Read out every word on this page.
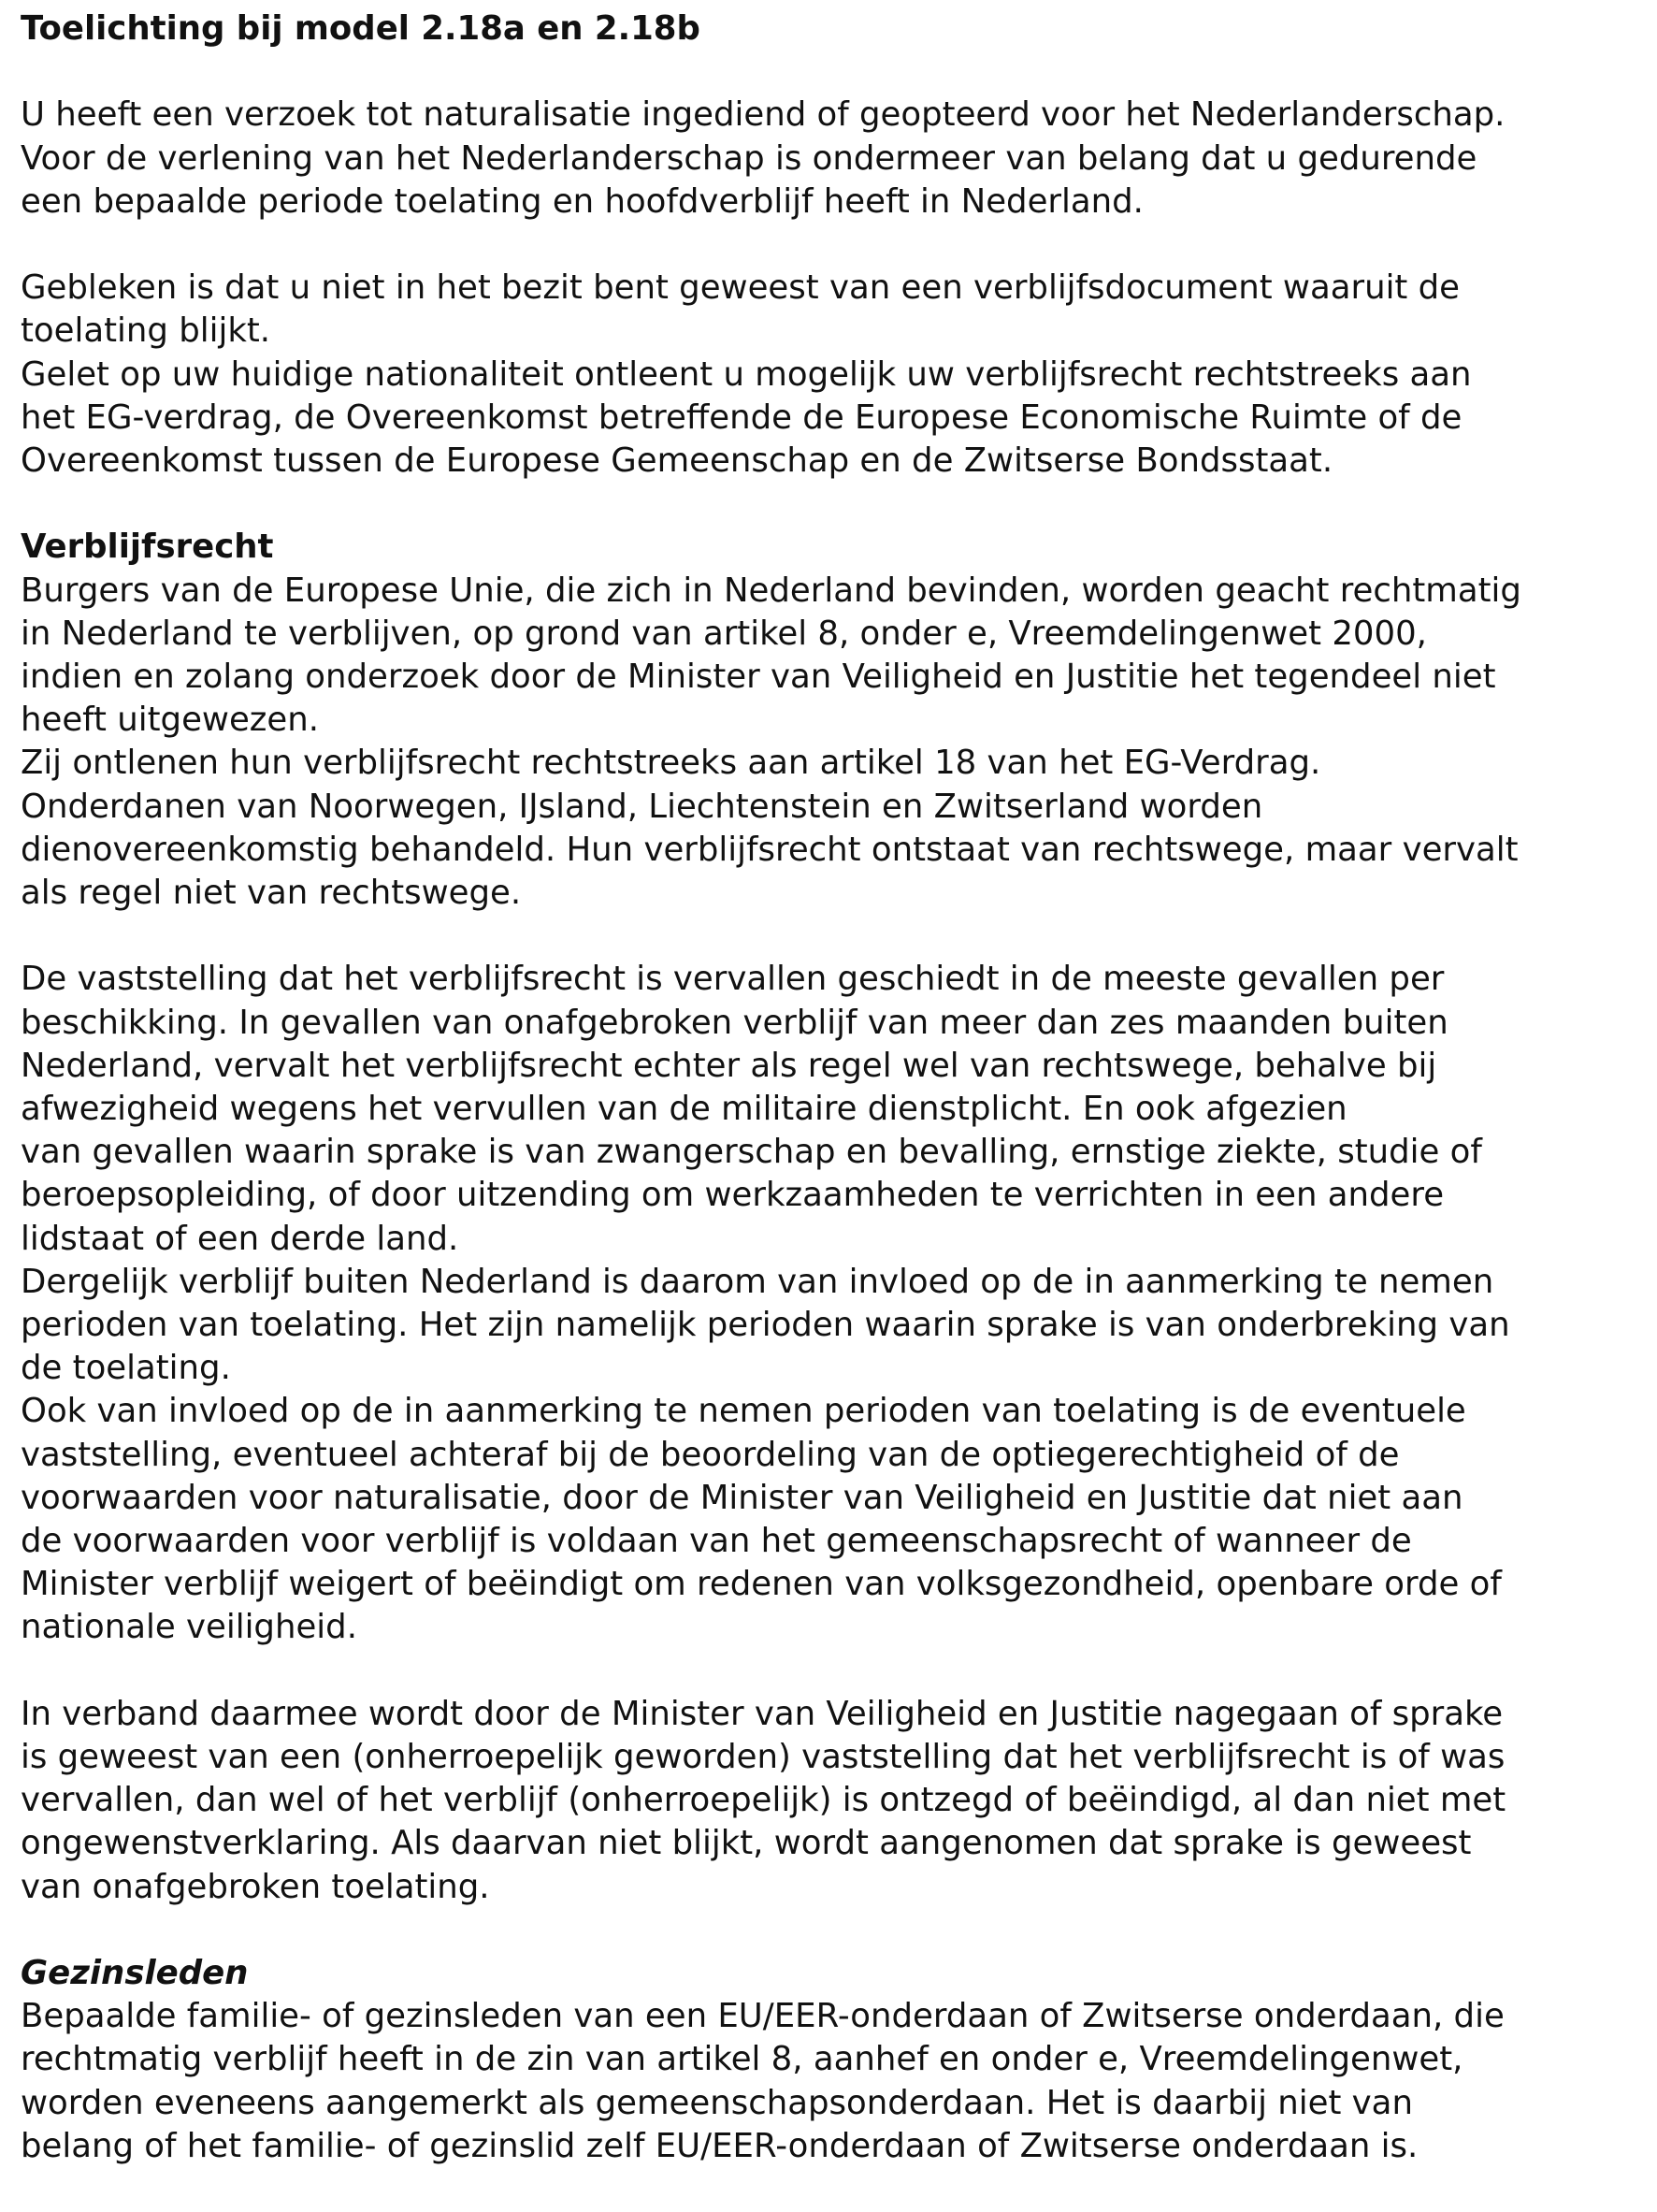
Toelichting bij model 2.18a en 2.18b
U heeft een verzoek tot naturalisatie ingediend of geopteerd voor het Nederlanderschap.
Voor de verlening van het Nederlanderschap is ondermeer van belang dat u gedurende
een bepaalde periode toelating en hoofdverblijf heeft in Nederland.
Gebleken is dat u niet in het bezit bent geweest van een verblijfsdocument waaruit de
toelating blijkt.
Gelet op uw huidige nationaliteit ontleent u mogelijk uw verblijfsrecht rechtstreeks aan
het EG-verdrag, de Overeenkomst betreffende de Europese Economische Ruimte of de
Overeenkomst tussen de Europese Gemeenschap en de Zwitserse Bondsstaat.
Verblijfsrecht
Burgers van de Europese Unie, die zich in Nederland bevinden, worden geacht rechtmatig
in Nederland te verblijven, op grond van artikel 8, onder e, Vreemdelingenwet 2000,
indien en zolang onderzoek door de Minister van Veiligheid en Justitie het tegendeel niet
heeft uitgewezen.
Zij ontlenen hun verblijfsrecht rechtstreeks aan artikel 18 van het EG-Verdrag.
Onderdanen van Noorwegen, IJsland, Liechtenstein en Zwitserland worden
dienovereenkomstig behandeld. Hun verblijfsrecht ontstaat van rechtswege, maar vervalt
als regel niet van rechtswege.
De vaststelling dat het verblijfsrecht is vervallen geschiedt in de meeste gevallen per
beschikking. In gevallen van onafgebroken verblijf van meer dan zes maanden buiten
Nederland, vervalt het verblijfsrecht echter als regel wel van rechtswege, behalve bij
afwezigheid wegens het vervullen van de militaire dienstplicht. En ook afgezien
van gevallen waarin sprake is van zwangerschap en bevalling, ernstige ziekte, studie of
beroepsopleiding, of door uitzending om werkzaamheden te verrichten in een andere
lidstaat of een derde land.
Dergelijk verblijf buiten Nederland is daarom van invloed op de in aanmerking te nemen
perioden van toelating. Het zijn namelijk perioden waarin sprake is van onderbreking van
de toelating.
Ook van invloed op de in aanmerking te nemen perioden van toelating is de eventuele
vaststelling, eventueel achteraf bij de beoordeling van de optiegerechtigheid of de
voorwaarden voor naturalisatie, door de Minister van Veiligheid en Justitie dat niet aan
de voorwaarden voor verblijf is voldaan van het gemeenschapsrecht of wanneer de
Minister verblijf weigert of beëindigt om redenen van volksgezondheid, openbare orde of
nationale veiligheid.
In verband daarmee wordt door de Minister van Veiligheid en Justitie nagegaan of sprake
is geweest van een (onherroepelijk geworden) vaststelling dat het verblijfsrecht is of was
vervallen, dan wel of het verblijf (onherroepelijk) is ontzegd of beëindigd, al dan niet met
ongewenstverklaring. Als daarvan niet blijkt, wordt aangenomen dat sprake is geweest
van onafgebroken toelating.
Gezinsleden
Bepaalde familie- of gezinsleden van een EU/EER-onderdaan of Zwitserse onderdaan, die
rechtmatig verblijf heeft in de zin van artikel 8, aanhef en onder e, Vreemdelingenwet,
worden eveneens aangemerkt als gemeenschapsonderdaan. Het is daarbij niet van
belang of het familie- of gezinslid zelf EU/EER-onderdaan of Zwitserse onderdaan is.
